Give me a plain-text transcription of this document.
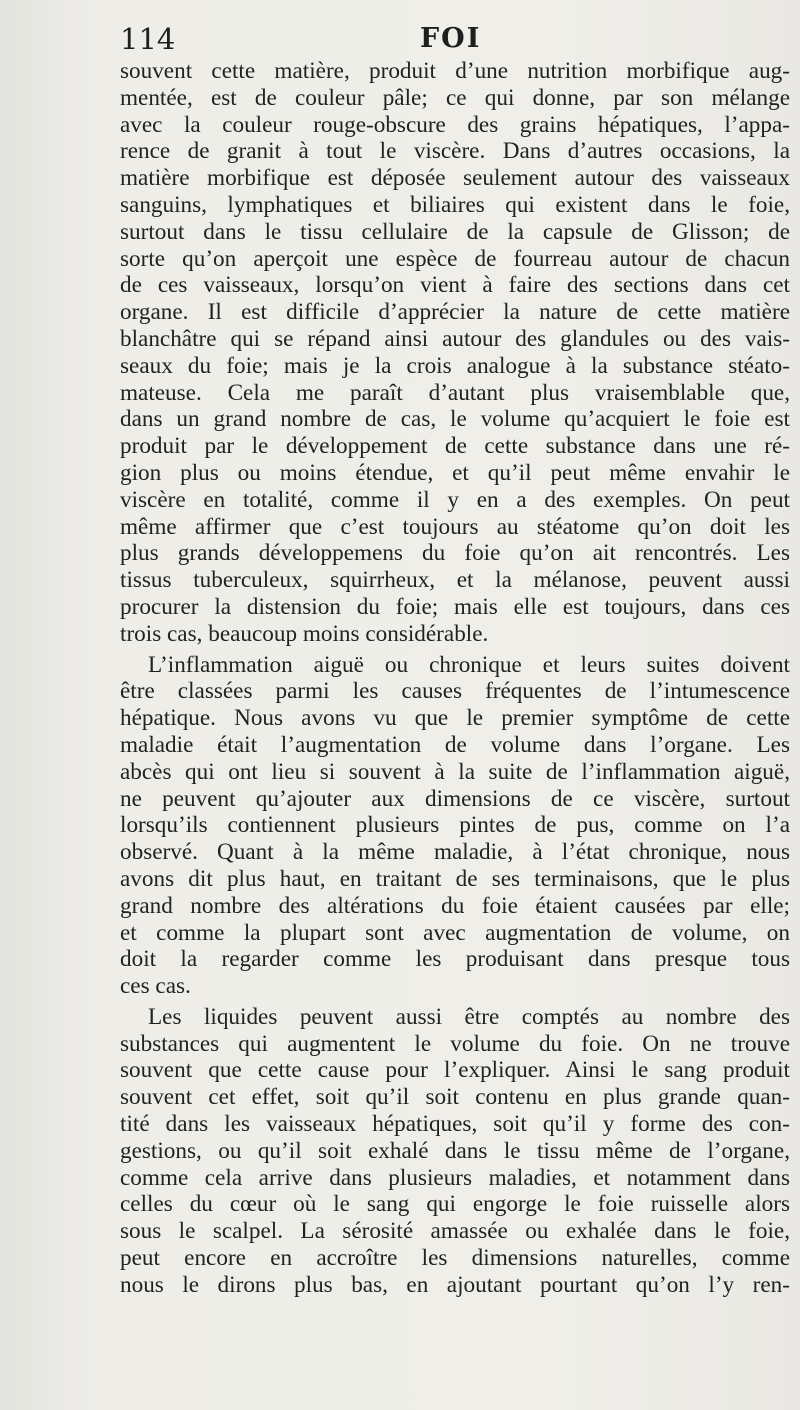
114	FOI
souvent cette matière, produit d’une nutrition morbifique aug-
mentée, est de couleur pâle; ce qui donne, par son mélange
avec la couleur rouge-obscure des grains hépatiques, l’appa-
rence de granit à tout le viscère. Dans d’autres occasions, la
matière morbifique est déposée seulement autour des vaisseaux
sanguins, lymphatiques et biliaires qui existent dans le foie,
surtout dans le tissu cellulaire de la capsule de Glisson; de
sorte qu’on aperçoit une espèce de fourreau autour de chacun
de ces vaisseaux, lorsqu’on vient à faire des sections dans cet
organe. Il est difficile d’apprécier la nature de cette matière
blanchâtre qui se répand ainsi autour des glandules ou des vais-
seaux du foie; mais je la crois analogue à la substance stéato-
mateuse. Cela me paraît d’autant plus vraisemblable que,
dans un grand nombre de cas, le volume qu’acquiert le foie est
produit par le développement de cette substance dans une ré-
gion plus ou moins étendue, et qu’il peut même envahir le
viscère en totalité, comme il y en a des exemples. On peut
même affirmer que c’est toujours au stéatome qu’on doit les
plus grands développemens du foie qu’on ait rencontrés. Les
tissus tuberculeux, squirrheux, et la mélanose, peuvent aussi
procurer la distension du foie; mais elle est toujours, dans ces
trois cas, beaucoup moins considérable.
L’inflammation aiguë ou chronique et leurs suites doivent
être classées parmi les causes fréquentes de l’intumescence
hépatique. Nous avons vu que le premier symptôme de cette
maladie était l’augmentation de volume dans l’organe. Les
abcès qui ont lieu si souvent à la suite de l’inflammation aiguë,
ne peuvent qu’ajouter aux dimensions de ce viscère, surtout
lorsqu’ils contiennent plusieurs pintes de pus, comme on l’a
observé. Quant à la même maladie, à l’état chronique, nous
avons dit plus haut, en traitant de ses terminaisons, que le plus
grand nombre des altérations du foie étaient causées par elle;
et comme la plupart sont avec augmentation de volume, on
doit la regarder comme les produisant dans presque tous
ces cas.
Les liquides peuvent aussi être comptés au nombre des
substances qui augmentent le volume du foie. On ne trouve
souvent que cette cause pour l’expliquer. Ainsi le sang produit
souvent cet effet, soit qu’il soit contenu en plus grande quan-
tité dans les vaisseaux hépatiques, soit qu’il y forme des con-
gestions, ou qu’il soit exhalé dans le tissu même de l’organe,
comme cela arrive dans plusieurs maladies, et notamment dans
celles du cœur où le sang qui engorge le foie ruisselle alors
sous le scalpel. La sérosité amassée ou exhalée dans le foie,
peut encore en accroître les dimensions naturelles, comme
nous le dirons plus bas, en ajoutant pourtant qu’on l’y ren-
